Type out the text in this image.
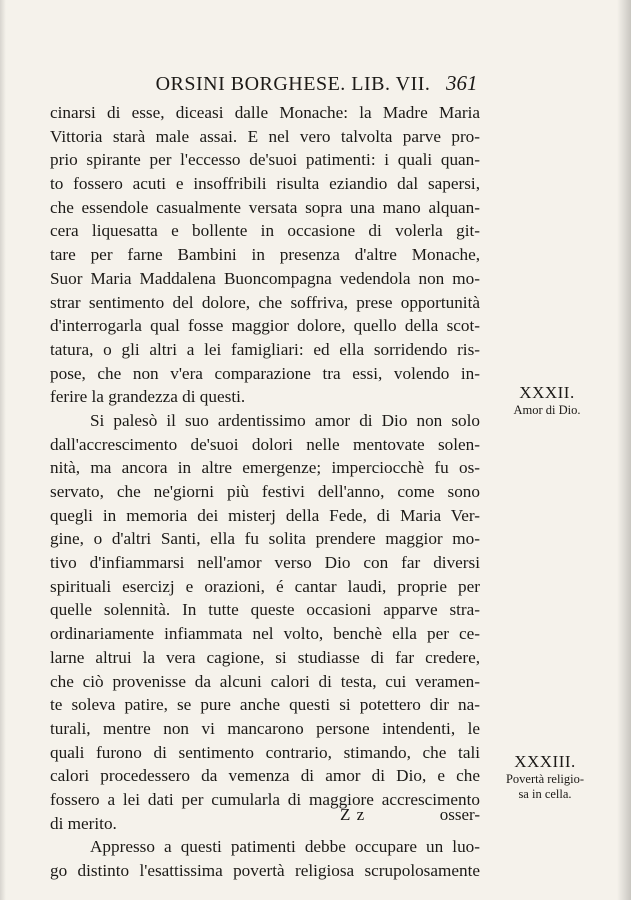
ORSINI BORGHESE. LIB. VII. 361
cinarsi di esse, diceasi dalle Monache: la Madre Maria
Vittoria starà male assai. E nel vero talvolta parve pro-
prio spirante per l'eccesso de'suoi patimenti: i quali quan-
to fossero acuti e insoffribili risulta eziandio dal sapersi,
che essendole casualmente versata sopra una mano alquan-
cera liquesatta e bollente in occasione di volerla git-
tare per farne Bambini in presenza d'altre Monache,
Suor Maria Maddalena Buoncompagna vedendola non mo-
strar sentimento del dolore, che soffriva, prese opportunità
d'interrogarla qual fosse maggior dolore, quello della scot-
tatura, o gli altri a lei famigliari: ed ella sorridendo ris-
pose, che non v'era comparazione tra essi, volendo in-
ferire la grandezza di questi.
Si palesò il suo ardentissimo amor di Dio non solo
dall'accrescimento de'suoi dolori nelle mentovate solen-
nità, ma ancora in altre emergenze; imperciocchè fu os-
servato, che ne'giorni più festivi dell'anno, come sono
quegli in memoria dei misterj della Fede, di Maria Ver-
gine, o d'altri Santi, ella fu solita prendere maggior mo-
tivo d'infiammarsi nell'amor verso Dio con far diversi
spirituali esercizj e orazioni, é cantar laudi, proprie per
quelle solennità. In tutte queste occasioni apparve stra-
ordinariamente infiammata nel volto, benchè ella per ce-
larne altrui la vera cagione, si studiasse di far credere,
che ciò provenisse da alcuni calori di testa, cui veramen-
te soleva patire, se pure anche questi si potettero dir na-
turali, mentre non vi mancarono persone intendenti, le
quali furono di sentimento contrario, stimando, che tali
calori procedessero da vemenza di amor di Dio, e che
fossero a lei dati per cumularla di maggiore accrescimento
di merito.
Appresso a questi patimenti debbe occupare un luo-
go distinto l'esattissima povertà religiosa scrupolosamente
XXXII.
Amor di Dio.
XXXIII.
Povertà religio-
sa in cella.
Z z	osser-
